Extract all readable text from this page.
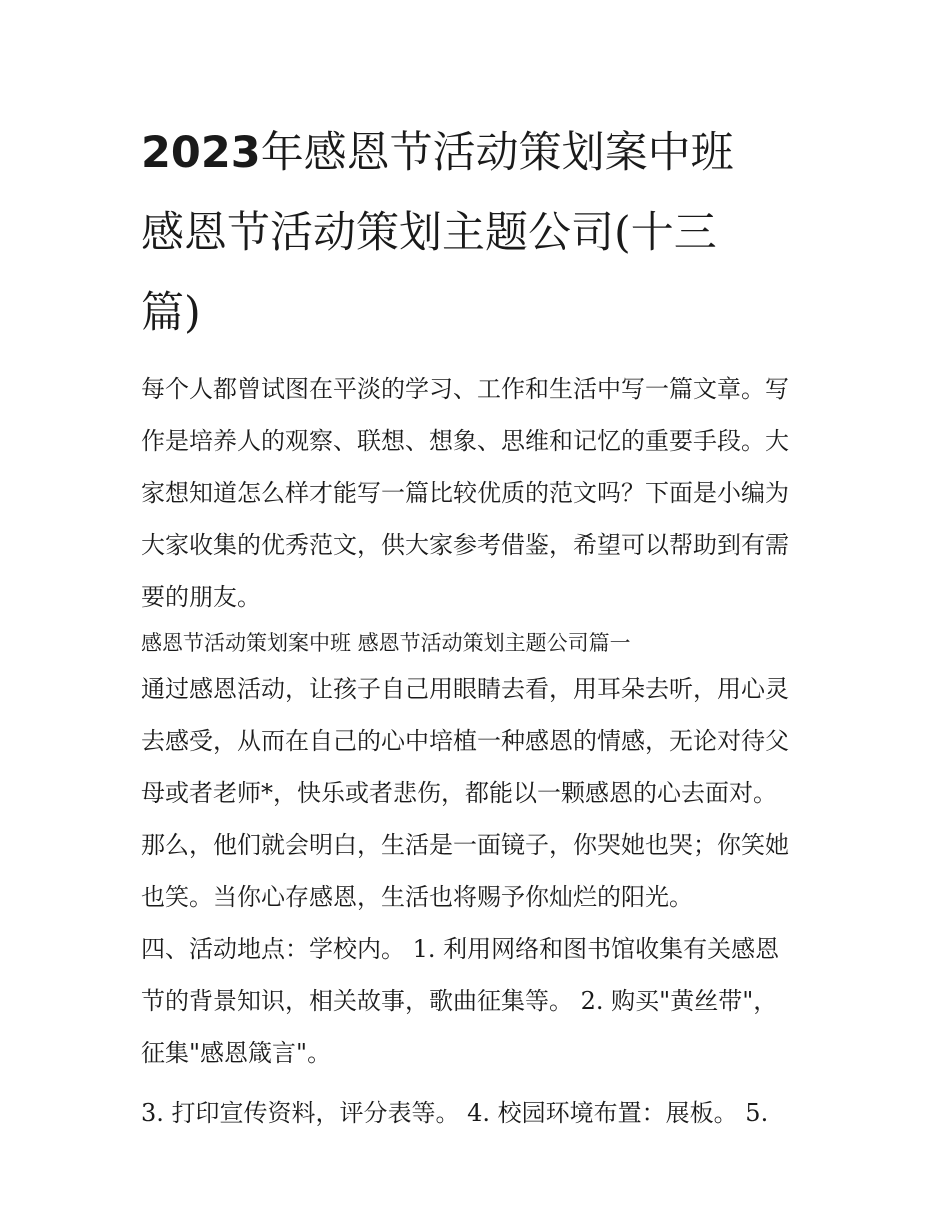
2023年感恩节活动策划案中班
感恩节活动策划主题公司(十三
篇)

每个人都曾试图在平淡的学习、工作和生活中写一篇文章。写
作是培养人的观察、联想、想象、思维和记忆的重要手段。大
家想知道怎么样才能写一篇比较优质的范文吗？下面是小编为
大家收集的优秀范文，供大家参考借鉴，希望可以帮助到有需
要的朋友。

感恩节活动策划案中班 感恩节活动策划主题公司篇一

通过感恩活动，让孩子自己用眼睛去看，用耳朵去听，用心灵
去感受，从而在自己的心中培植一种感恩的情感，无论对待父
母或者老师*，快乐或者悲伤，都能以一颗感恩的心去面对。
那么，他们就会明白，生活是一面镜子，你哭她也哭；你笑她
也笑。当你心存感恩，生活也将赐予你灿烂的阳光。

四、活动地点：学校内。 1. 利用网络和图书馆收集有关感恩
节的背景知识，相关故事，歌曲征集等。 2. 购买"黄丝带"，
征集"感恩箴言"。

3. 打印宣传资料，评分表等。 4. 校园环境布置：展板。 5.
